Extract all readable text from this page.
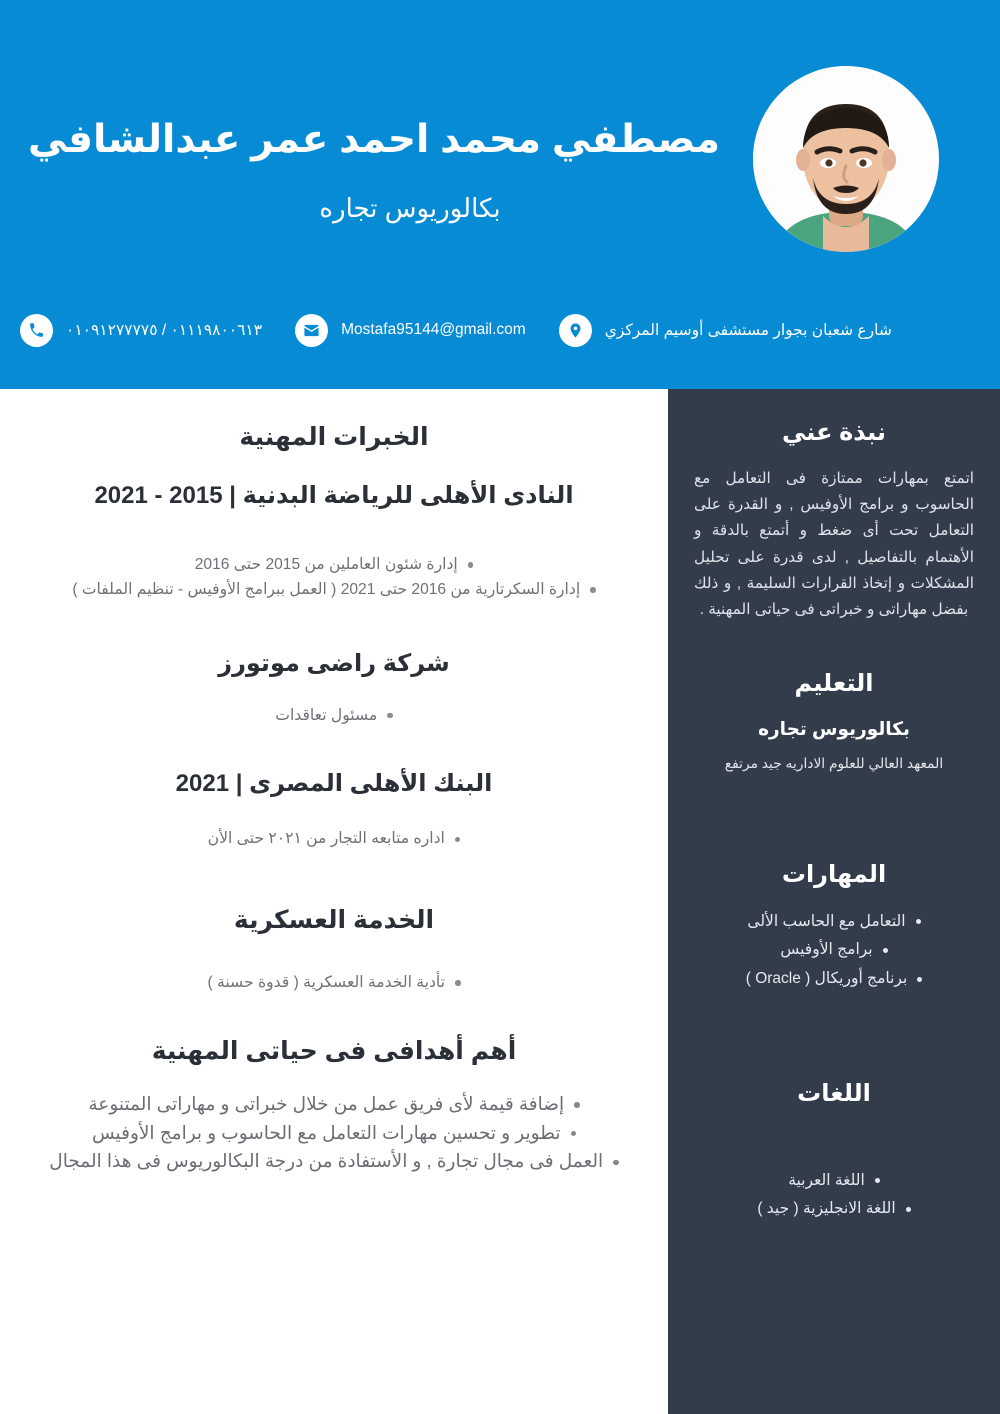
مصطفي محمد احمد عمر عبدالشافي
بكالوريوس تجاره
٠١١١٩٨٠٠٦١٣ / ٠١٠٩١٢٧٧٧٧٥	Mostafa95144@gmail.com	شارع شعبان بجوار مستشفى أوسيم المركزي
الخبرات المهنية
النادى الأهلى للرياضة البدنية | 2015 - 2021
إدارة شئون العاملين من 2015 حتى 2016
إدارة السكرتارية من 2016 حتى 2021 ( العمل ببرامج الأوفيس - تنظيم الملفات )
شركة راضى موتورز
مسئول تعاقدات
البنك الأهلى المصرى | 2021
اداره متابعه التجار من ٢٠٢١ حتى الأن
الخدمة العسكرية
تأدية الخدمة العسكرية ( قدوة حسنة )
أهم أهدافى فى حياتى المهنية
إضافة قيمة لأى فريق عمل من خلال خبراتى و مهاراتى المتنوعة
تطوير و تحسين مهارات التعامل مع الحاسوب و برامج الأوفيس
العمل فى مجال تجارة , و الأستفادة من درجة البكالوريوس فى هذا المجال
نبذة عني

اتمتع بمهارات ممتازة فى التعامل مع الحاسوب و برامج الأوفيس , و القدرة على التعامل تحت أى ضغط و أتمتع بالدقة و الأهتمام بالتفاصيل , لدى قدرة على تحليل المشكلات و إتخاذ القرارات السليمة , و ذلك بفضل مهاراتى و خبراتى فى حياتى المهنية .

التعليم
بكالوريوس تجاره
المعهد العالي للعلوم الاداريه جيد مرتفع
المهارات
التعامل مع الحاسب الألى
برامج الأوفيس
برنامج أوريكال ( Oracle )
اللغات
اللغة العربية
اللغة الانجليزية ( جيد )
